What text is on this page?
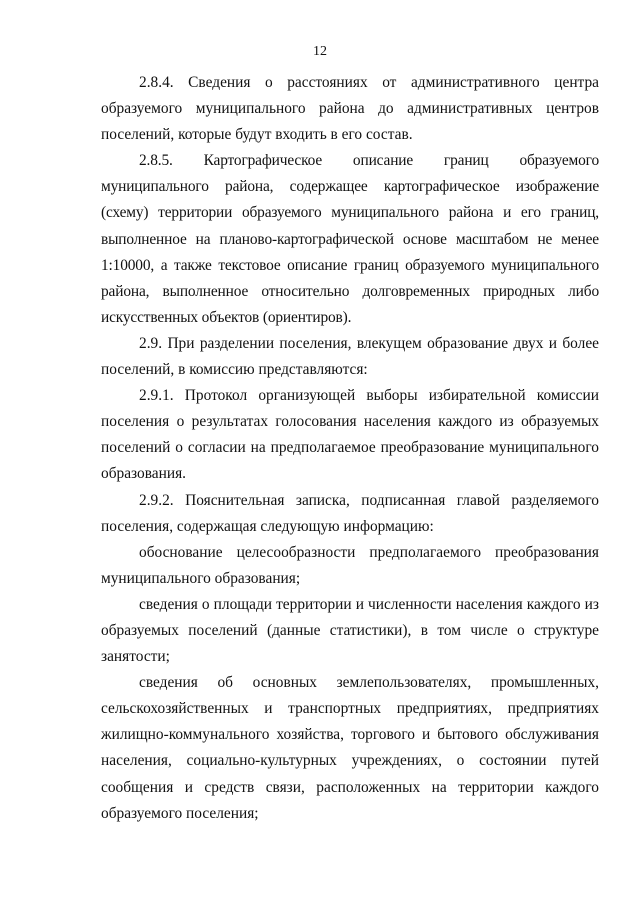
12

2.8.4. Сведения о расстояниях от административного центра образуемого муниципального района до административных центров поселений, которые будут входить в его состав.

2.8.5. Картографическое описание границ образуемого муниципального района, содержащее картографическое изображение (схему) территории образуемого муниципального района и его границ, выполненное на планово-картографической основе масштабом не менее 1:10000, а также текстовое описание границ образуемого муниципального района, выполненное относительно долговременных природных либо искусственных объектов (ориентиров).

2.9. При разделении поселения, влекущем образование двух и более поселений, в комиссию представляются:

2.9.1. Протокол организующей выборы избирательной комиссии поселения о результатах голосования населения каждого из образуемых поселений о согласии на предполагаемое преобразование муниципального образования.

2.9.2. Пояснительная записка, подписанная главой разделяемого поселения, содержащая следующую информацию:

обоснование целесообразности предполагаемого преобразования муниципального образования;

сведения о площади территории и численности населения каждого из образуемых поселений (данные статистики), в том числе о структуре занятости;

сведения об основных землепользователях, промышленных, сельскохозяйственных и транспортных предприятиях, предприятиях жилищно-коммунального хозяйства, торгового и бытового обслуживания населения, социально-культурных учреждениях, о состоянии путей сообщения и средств связи, расположенных на территории каждого образуемого поселения;
